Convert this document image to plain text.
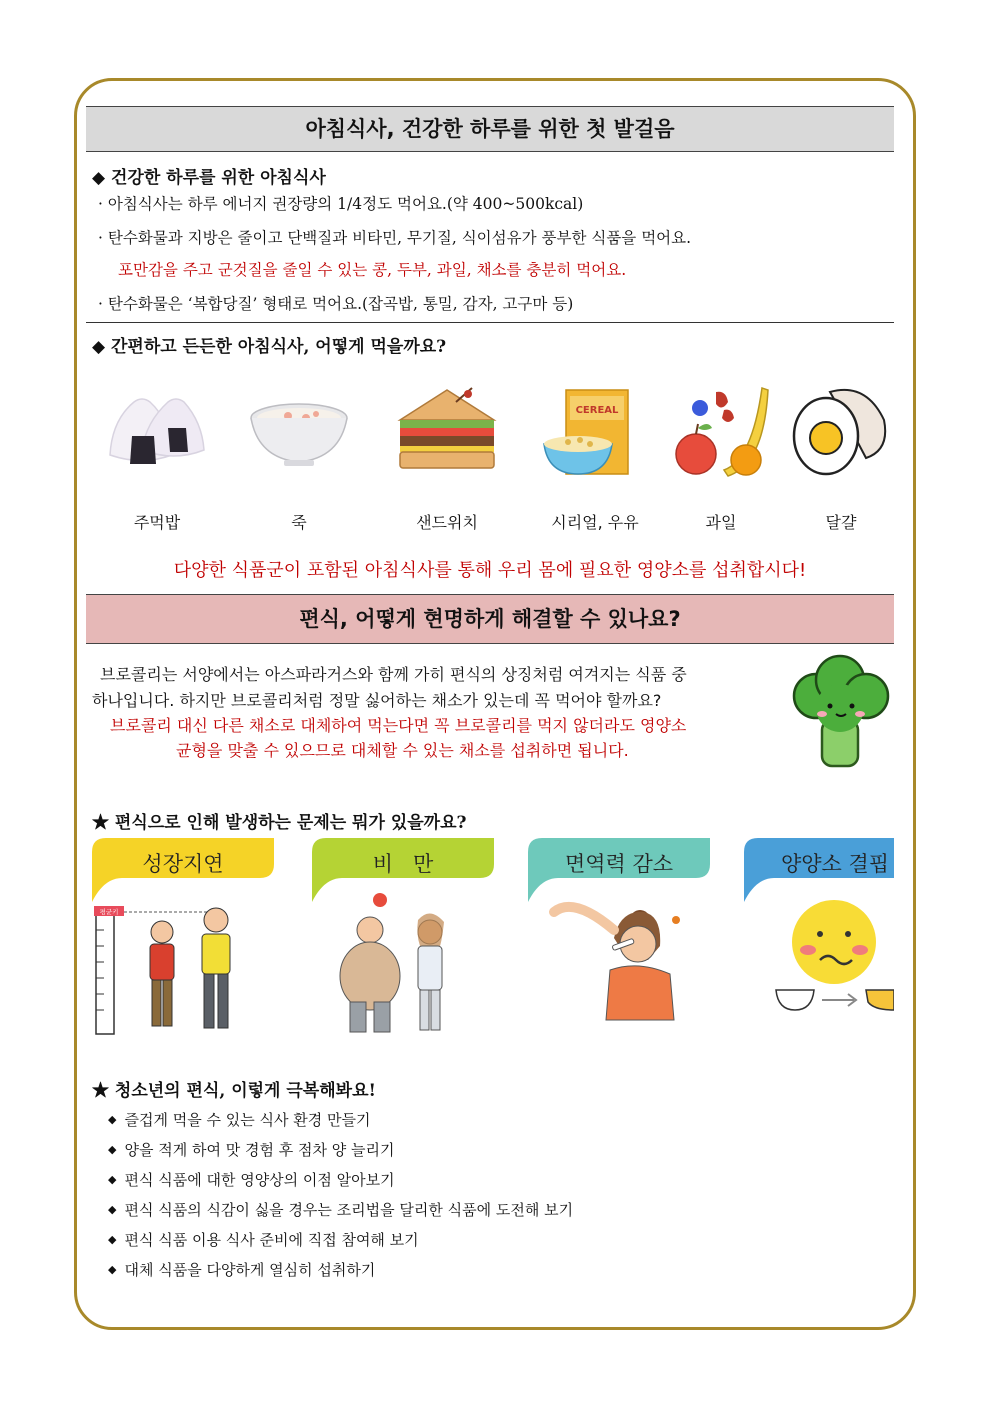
아침식사, 건강한 하루를 위한 첫 발걸음
◆ 건강한 하루를 위한 아침식사
· 아침식사는 하루 에너지 권장량의 1/4정도 먹어요.(약 400~500kcal)
· 탄수화물과 지방은 줄이고 단백질과 비타민, 무기질, 식이섬유가 풍부한 식품을 먹어요.
포만감을 주고 군것질을 줄일 수 있는 콩, 두부, 과일, 채소를 충분히 먹어요.
· 탄수화물은 ‘복합당질’ 형태로 먹어요.(잡곡밥, 통밀, 감자, 고구마 등)
◆ 간편하고 든든한 아침식사, 어떻게 먹을까요?
CEREAL
주먹밥	죽	샌드위치	시리얼, 우유	과일	달걀
다양한 식품군이 포함된 아침식사를 통해 우리 몸에 필요한 영양소를 섭취합시다!
편식, 어떻게 현명하게 해결할 수 있나요?
브로콜리는 서양에서는 아스파라거스와 함께 가히 편식의 상징처럼 여겨지는 식품 중
하나입니다. 하지만 브로콜리처럼 정말 싫어하는 채소가 있는데 꼭 먹어야 할까요?
브로콜리 대신 다른 채소로 대체하여 먹는다면 꼭 브로콜리를 먹지 않더라도 영양소
균형을 맞출 수 있으므로 대체할 수 있는 채소를 섭취하면 됩니다.
★ 편식으로 인해 발생하는 문제는 뭐가 있을까요?
성장지연	비   만	면역력 감소	양양소 결핍
평균키
★ 청소년의 편식, 이렇게 극복해봐요!
◆ 즐겁게 먹을 수 있는 식사 환경 만들기
◆ 양을 적게 하여 맛 경험 후 점차 양 늘리기
◆ 편식 식품에 대한 영양상의 이점 알아보기
◆ 편식 식품의 식감이 싫을 경우는 조리법을 달리한 식품에 도전해 보기
◆ 편식 식품 이용 식사 준비에 직접 참여해 보기
◆ 대체 식품을 다양하게 열심히 섭취하기
